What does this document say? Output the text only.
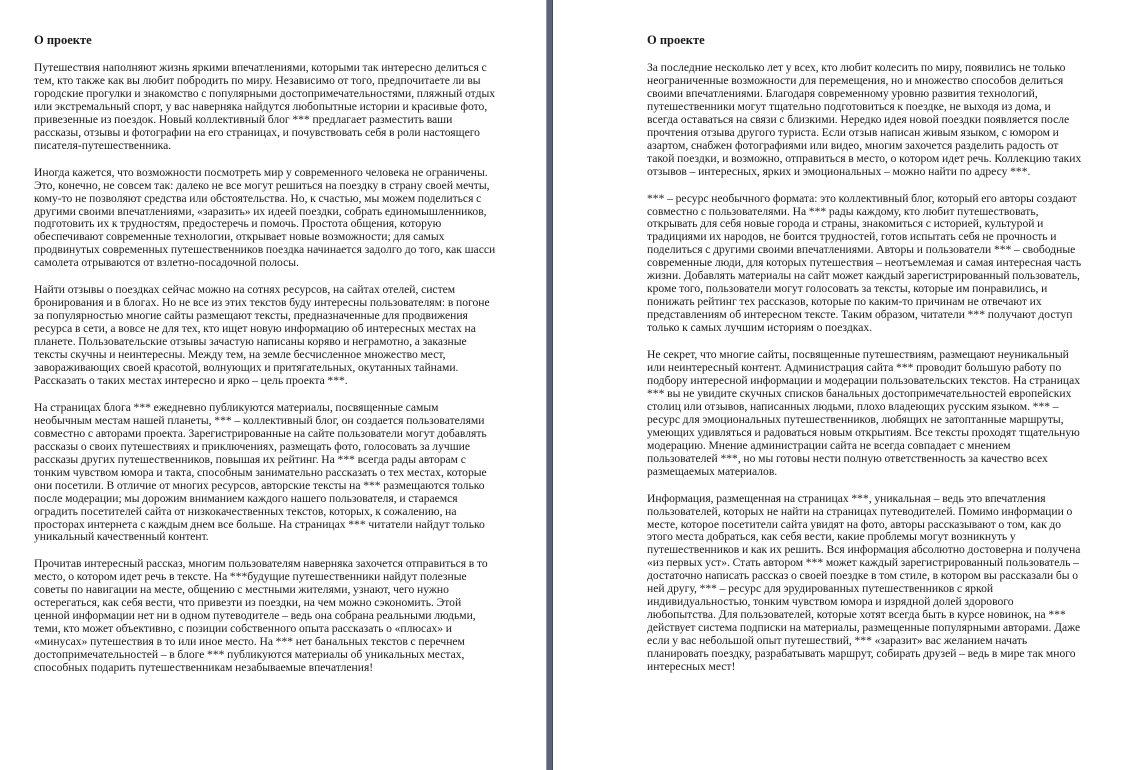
О проекте

Путешествия наполняют жизнь яркими впечатлениями, которыми так интересно делиться с тем, кто также как вы любит побродить по миру. Независимо от того, предпочитаете ли вы городские прогулки и знакомство с популярными достопримечательностями, пляжный отдых или экстремальный спорт, у вас наверняка найдутся любопытные истории и красивые фото, привезенные из поездок. Новый коллективный блог *** предлагает разместить ваши рассказы, отзывы и фотографии на его страницах, и почувствовать себя в роли настоящего писателя-путешественника.

Иногда кажется, что возможности посмотреть мир у современного человека не ограничены. Это, конечно, не совсем так: далеко не все могут решиться на поездку в страну своей мечты, кому-то не позволяют средства или обстоятельства. Но, к счастью, мы можем поделиться с другими своими впечатлениями, «заразить» их идеей поездки, собрать единомышленников, подготовить их к трудностям, предостеречь и помочь. Простота общения, которую обеспечивают современные технологии, открывает новые возможности; для самых продвинутых современных путешественников поездка начинается задолго до того, как шасси самолета отрываются от взлетно-посадочной полосы.

Найти отзывы о поездках сейчас можно на сотнях ресурсов, на сайтах отелей, систем бронирования и в блогах. Но не все из этих текстов буду интересны пользователям: в погоне за популярностью многие сайты размещают тексты, предназначенные для продвижения ресурса в сети, а вовсе не для тех, кто ищет новую информацию об интересных местах на планете. Пользовательские отзывы зачастую написаны коряво и неграмотно, а заказные тексты скучны и неинтересны. Между тем, на земле бесчисленное множество мест, завораживающих своей красотой, волнующих и притягательных, окутанных тайнами. Рассказать о таких местах интересно и ярко – цель проекта ***.

На страницах блога *** ежедневно публикуются материалы, посвященные самым необычным местам нашей планеты, *** – коллективный блог, он создается пользователями совместно с авторами проекта. Зарегистрированные на сайте пользователи могут добавлять рассказы о своих путешествиях и приключениях, размещать фото, голосовать за лучшие рассказы других путешественников, повышая их рейтинг. На *** всегда рады авторам с тонким чувством юмора и такта, способным занимательно рассказать о тех местах, которые они посетили. В отличие от многих ресурсов, авторские тексты на *** размещаются только после модерации; мы дорожим вниманием каждого нашего пользователя, и стараемся оградить посетителей сайта от низкокачественных текстов, которых, к сожалению, на просторах интернета с каждым днем все больше. На страницах *** читатели найдут только уникальный качественный контент.

Прочитав интересный рассказ, многим пользователям наверняка захочется отправиться в то место, о котором идет речь в тексте. На ***будущие путешественники найдут полезные советы по навигации на месте, общению с местными жителями, узнают, чего нужно остерегаться, как себя вести, что привезти из поездки, на чем можно сэкономить. Этой ценной информации нет ни в одном путеводителе – ведь она собрана реальными людьми, теми, кто может объективно, с позиции собственного опыта рассказать о «плюсах» и «минусах» путешествия в то или иное место. На *** нет банальных текстов с перечнем достопримечательностей – в блоге *** публикуются материалы об уникальных местах, способных подарить путешественникам незабываемые впечатления!

О проекте

За последние несколько лет у всех, кто любит колесить по миру, появились не только неограниченные возможности для перемещения, но и множество способов делиться своими впечатлениями. Благодаря современному уровню развития технологий, путешественники могут тщательно подготовиться к поездке, не выходя из дома, и всегда оставаться на связи с близкими. Нередко идея новой поездки появляется после прочтения отзыва другого туриста. Если отзыв написан живым языком, с юмором и азартом, снабжен фотографиями или видео, многим захочется разделить радость от такой поездки, и возможно, отправиться в место, о котором идет речь. Коллекцию таких отзывов – интересных, ярких и эмоциональных – можно найти по адресу ***.

*** – ресурс необычного формата: это коллективный блог, который его авторы создают совместно с пользователями. На *** рады каждому, кто любит путешествовать, открывать для себя новые города и страны, знакомиться с историей, культурой и традициями их народов, не боится трудностей, готов испытать себя не прочность и поделиться с другими своими впечатлениями. Авторы и пользователи *** – свободные современные люди, для которых путешествия – неотъемлемая и самая интересная часть жизни. Добавлять материалы на сайт может каждый зарегистрированный пользователь, кроме того, пользователи могут голосовать за тексты, которые им понравились, и понижать рейтинг тех рассказов, которые по каким-то причинам не отвечают их представлениям об интересном тексте. Таким образом, читатели *** получают доступ только к самых лучшим историям о поездках.

Не секрет, что многие сайты, посвященные путешествиям, размещают неуникальный или неинтересный контент. Администрация сайта *** проводит большую работу по подбору интересной информации и модерации пользовательских текстов. На страницах *** вы не увидите скучных списков банальных достопримечательностей европейских столиц или отзывов, написанных людьми, плохо владеющих русским языком. *** – ресурс для эмоциональных путешественников, любящих не затоптанные маршруты, умеющих удивляться и радоваться новым открытиям. Все тексты проходят тщательную модерацию. Мнение администрации сайта не всегда совпадает с мнением пользователей ***, но мы готовы нести полную ответственность за качество всех размещаемых материалов.

Информация, размещенная на страницах ***, уникальная – ведь это впечатления пользователей, которых не найти на страницах путеводителей. Помимо информации о месте, которое посетители сайта увидят на фото, авторы рассказывают о том, как до этого места добраться, как себя вести, какие проблемы могут возникнуть у путешественников и как их решить. Вся информация абсолютно достоверна и получена «из первых уст». Стать автором *** может каждый зарегистрированный пользователь – достаточно написать рассказ о своей поездке в том стиле, в котором вы рассказали бы о ней другу, *** – ресурс для эрудированных путешественников с яркой индивидуальностью, тонким чувством юмора и изрядной долей здорового любопытства. Для пользователей, которые хотят всегда быть в курсе новинок, на *** действует система подписки на материалы, размещенные популярными авторами. Даже если у вас небольшой опыт путешествий, *** «заразит» вас желанием начать планировать поездку, разрабатывать маршрут, собирать друзей – ведь в мире так много интересных мест!
